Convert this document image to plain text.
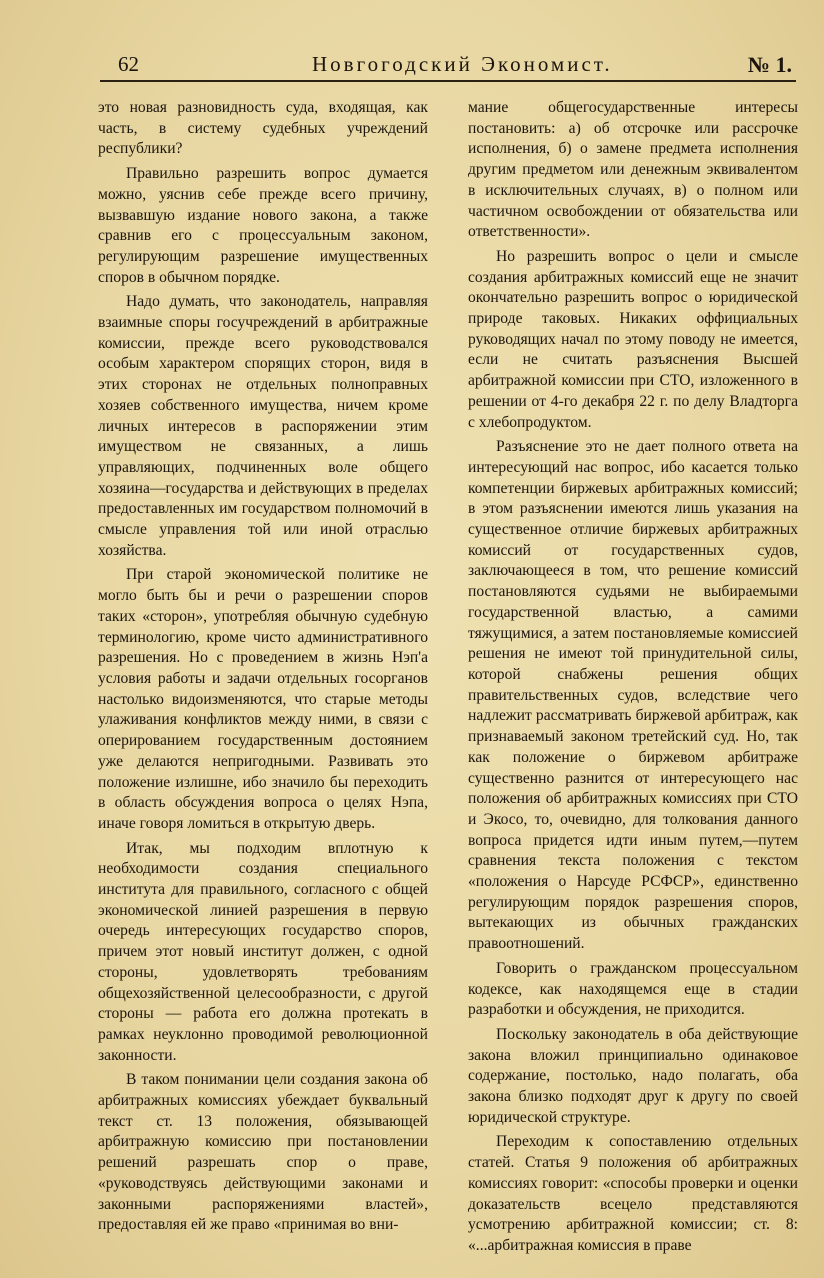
62	Новгогодский Экономист.	№ 1.

это новая разновидность суда, входящая, как часть, в систему судебных учреждений республики?

Правильно разрешить вопрос думается можно, уяснив себе прежде всего причину, вызвавшую издание нового закона, а также сравнив его с процессуальным законом, регулирующим разрешение имущественных споров в обычном порядке.

Надо думать, что законодатель, направляя взаимные споры госучреждений в арбитражные комиссии, прежде всего руководствовался особым характером спорящих сторон, видя в этих сторонах не отдельных полноправных хозяев собственного имущества, ничем кроме личных интересов в распоряжении этим имуществом не связанных, а лишь управляющих, подчиненных воле общего хозяина—государства и действующих в пределах предоставленных им государством полномочий в смысле управления той или иной отраслью хозяйства.

При старой экономической политике не могло быть бы и речи о разрешении споров таких «сторон», употребляя обычную судебную терминологию, кроме чисто административного разрешения. Но с проведением в жизнь Нэп'а условия работы и задачи отдельных госорганов настолько видоизменяются, что старые методы улаживания конфликтов между ними, в связи с оперированием государственным достоянием уже делаются непригодными. Развивать это положение излишне, ибо значило бы переходить в область обсуждения вопроса о целях Нэпа, иначе говоря ломиться в открытую дверь.

Итак, мы подходим вплотную к необходимости создания специального института для правильного, согласного с общей экономической линией разрешения в первую очередь интересующих государство споров, причем этот новый институт должен, с одной стороны, удовлетворять требованиям общехозяйственной целесообразности, с другой стороны — работа его должна протекать в рамках неуклонно проводимой революционной законности.

В таком понимании цели создания закона об арбитражных комиссиях убеждает буквальный текст ст. 13 положения, обязывающей арбитражную комиссию при постановлении решений разрешать спор о праве, «руководствуясь действующими законами и законными распоряжениями властей», предоставляя ей же право «принимая во вни-

мание общегосударственные интересы постановить: а) об отсрочке или рассрочке исполнения, б) о замене предмета исполнения другим предметом или денежным эквивалентом в исключительных случаях, в) о полном или частичном освобождении от обязательства или ответственности».

Но разрешить вопрос о цели и смысле создания арбитражных комиссий еще не значит окончательно разрешить вопрос о юридической природе таковых. Никаких оффициальных руководящих начал по этому поводу не имеется, если не считать разъяснения Высшей арбитражной комиссии при СТО, изложенного в решении от 4-го декабря 22 г. по делу Владторга с хлебопродуктом.

Разъяснение это не дает полного ответа на интересующий нас вопрос, ибо касается только компетенции биржевых арбитражных комиссий; в этом разъяснении имеются лишь указания на существенное отличие биржевых арбитражных комиссий от государственных судов, заключающееся в том, что решение комиссий постановляются судьями не выбираемыми государственной властью, а самими тяжущимися, а затем постановляемые комиссией решения не имеют той принудительной силы, которой снабжены решения общих правительственных судов, вследствие чего надлежит рассматривать биржевой арбитраж, как признаваемый законом третейский суд. Но, так как положение о биржевом арбитраже существенно разнится от интересующего нас положения об арбитражных комиссиях при СТО и Экосо, то, очевидно, для толкования данного вопроса придется идти иным путем,—путем сравнения текста положения с текстом «положения о Нарсуде РСФСР», единственно регулирующим порядок разрешения споров, вытекающих из обычных гражданских правоотношений.

Говорить о гражданском процессуальном кодексе, как находящемся еще в стадии разработки и обсуждения, не приходится.

Поскольку законодатель в оба действующие закона вложил принципиально одинаковое содержание, постолько, надо полагать, оба закона близко подходят друг к другу по своей юридической структуре.

Переходим к сопоставлению отдельных статей. Статья 9 положения об арбитражных комиссиях говорит: «способы проверки и оценки доказательств всецело представляются усмотрению арбитражной комиссии; ст. 8: «...арбитражная комиссия в праве
